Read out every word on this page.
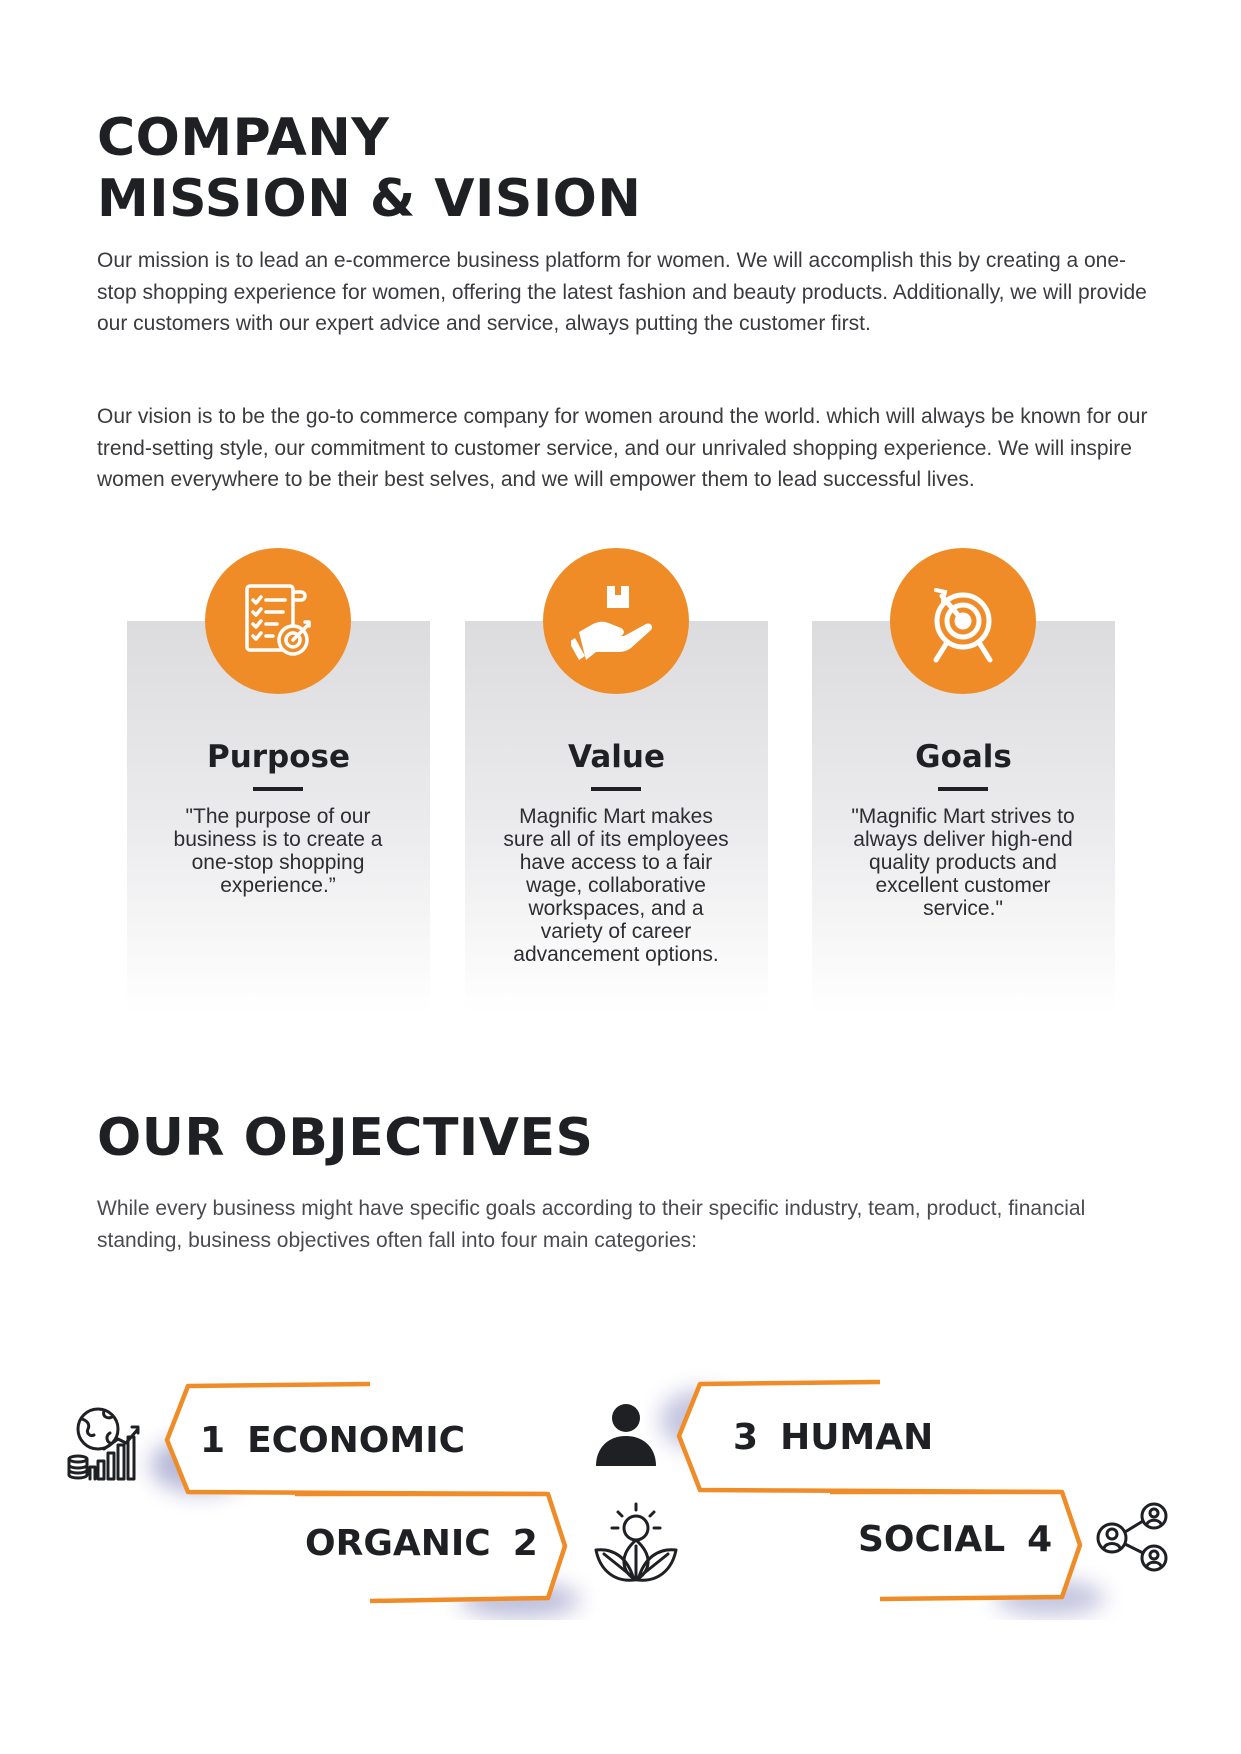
COMPANY
MISSION & VISION

Our mission is to lead an e-commerce business platform for women. We will accomplish this by creating a one-stop shopping experience for women, offering the latest fashion and beauty products. Additionally, we will provide our customers with our expert advice and service, always putting the customer first.

Our vision is to be the go-to commerce company for women around the world. which will always be known for our trend-setting style, our commitment to customer service, and our unrivaled shopping experience. We will inspire women everywhere to be their best selves, and we will empower them to lead successful lives.

Purpose	Value	Goals

"The purpose of our business is to create a one-stop shopping experience.”

Magnific Mart makes sure all of its employees have access to a fair wage, collaborative workspaces, and a variety of career advancement options.

"Magnific Mart strives to always deliver high-end quality products and excellent customer service."

OUR OBJECTIVES

While every business might have specific goals according to their specific industry, team, product, financial standing, business objectives often fall into four main categories:

1 ECONOMIC
ORGANIC 2
3 HUMAN
SOCIAL 4
